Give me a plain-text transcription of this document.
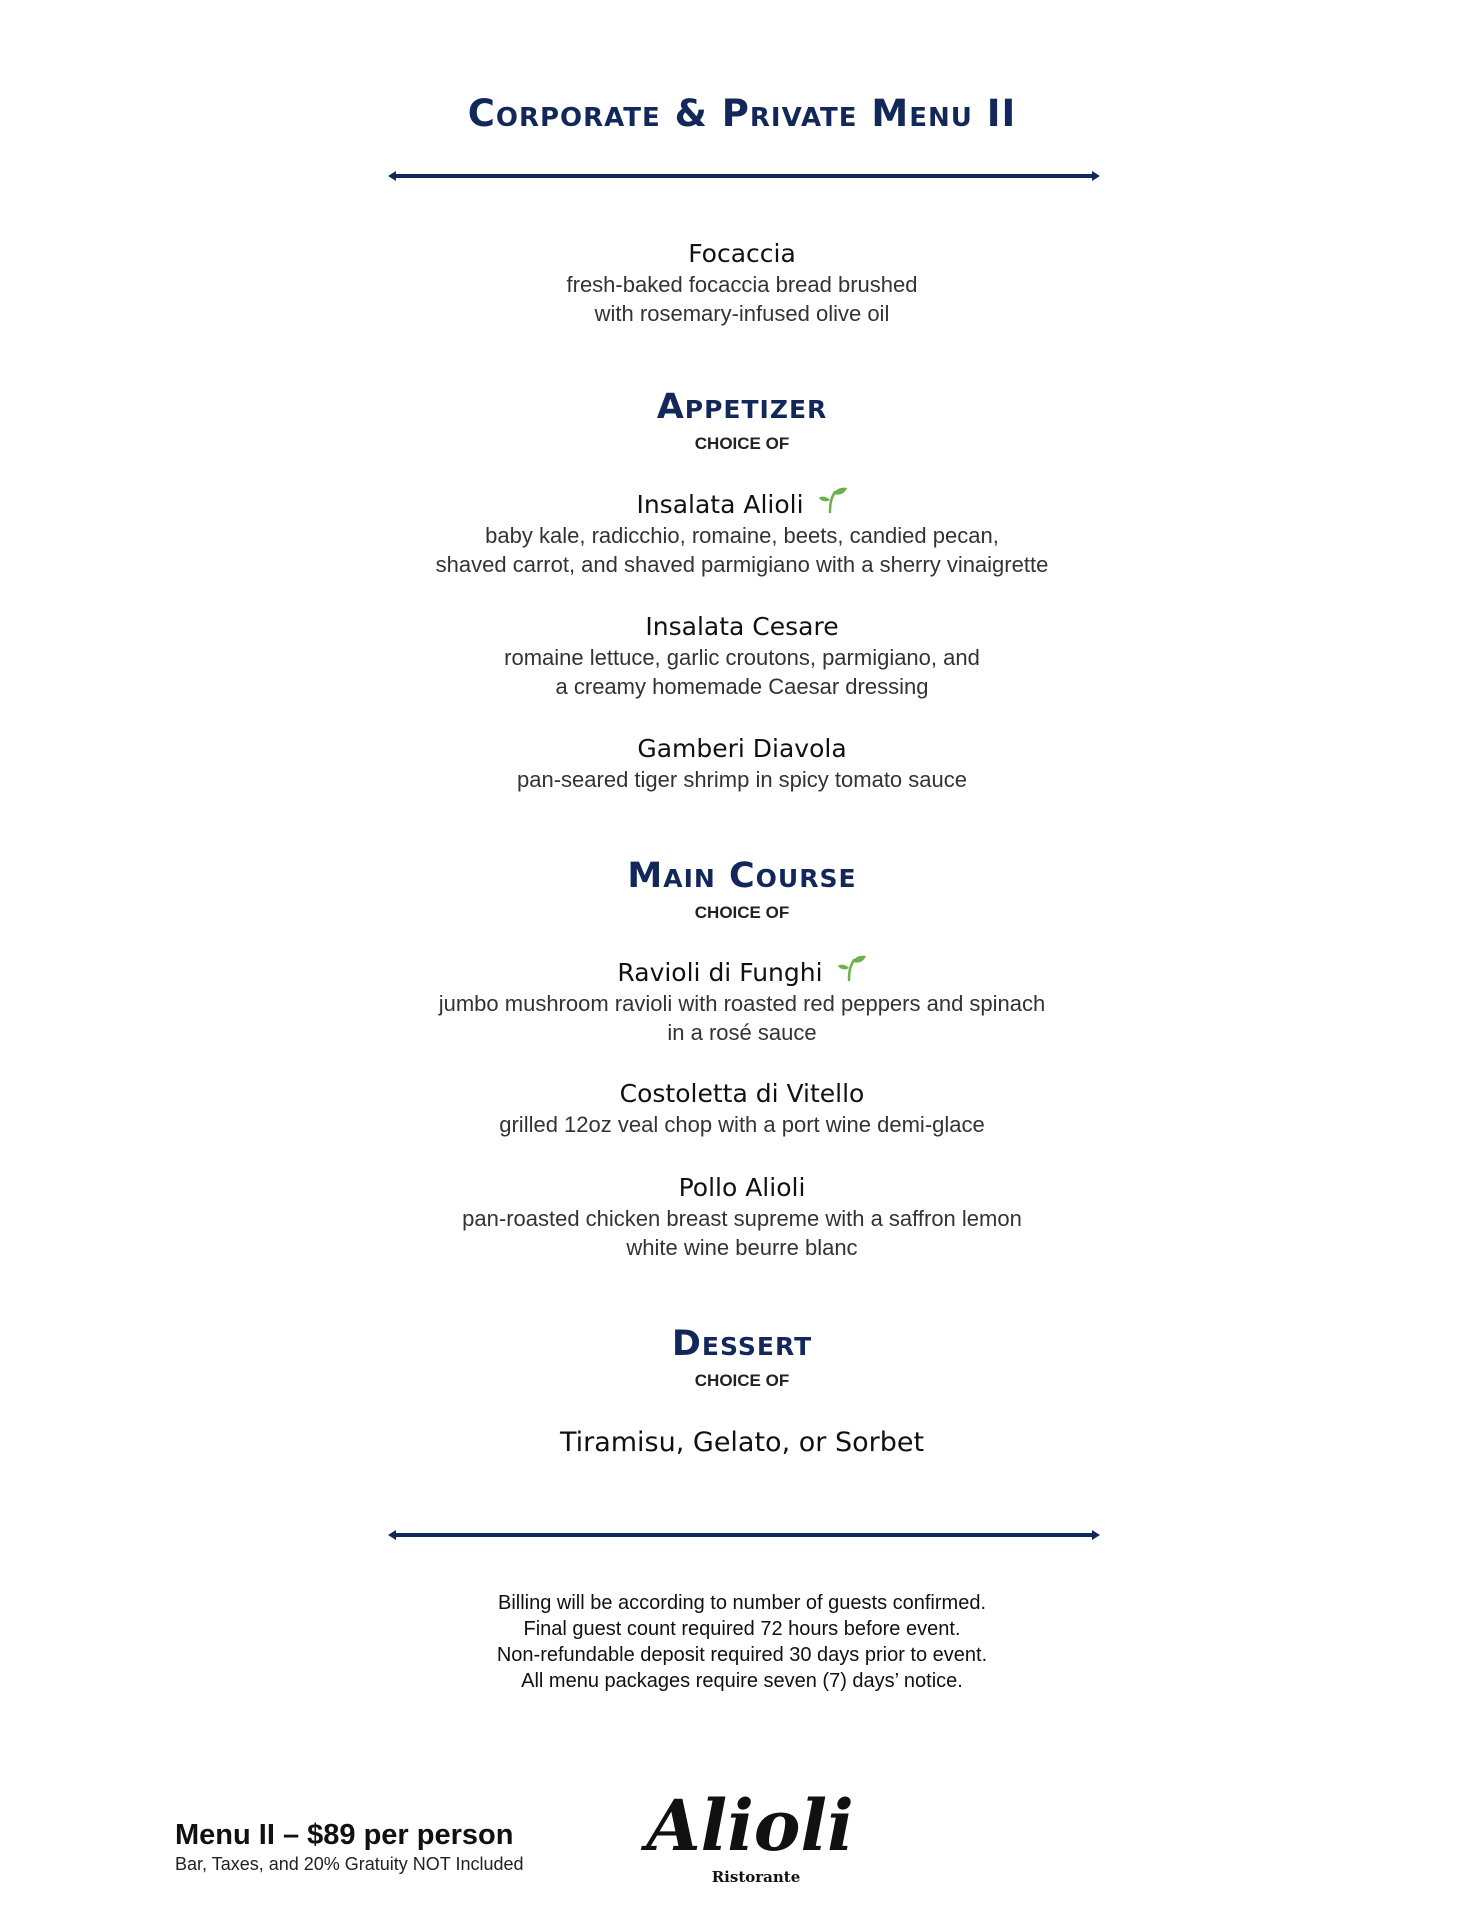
Corporate & Private Menu II
Focaccia
fresh-baked focaccia bread brushed
with rosemary-infused olive oil
Appetizer
CHOICE OF
Insalata Alioli
baby kale, radicchio, romaine, beets, candied pecan,
shaved carrot, and shaved parmigiano with a sherry vinaigrette
Insalata Cesare
romaine lettuce, garlic croutons, parmigiano, and
a creamy homemade Caesar dressing
Gamberi Diavola
pan-seared tiger shrimp in spicy tomato sauce
Main Course
CHOICE OF
Ravioli di Funghi
jumbo mushroom ravioli with roasted red peppers and spinach
in a rosé sauce
Costoletta di Vitello
grilled 12oz veal chop with a port wine demi-glace
Pollo Alioli
pan-roasted chicken breast supreme with a saffron lemon
white wine beurre blanc
Dessert
CHOICE OF
Tiramisu, Gelato, or Sorbet
Billing will be according to number of guests confirmed.
Final guest count required 72 hours before event.
Non-refundable deposit required 30 days prior to event.
All menu packages require seven (7) days’ notice.
Menu II – $89 per person
Bar, Taxes, and 20% Gratuity NOT Included Alioli
Ristorante
